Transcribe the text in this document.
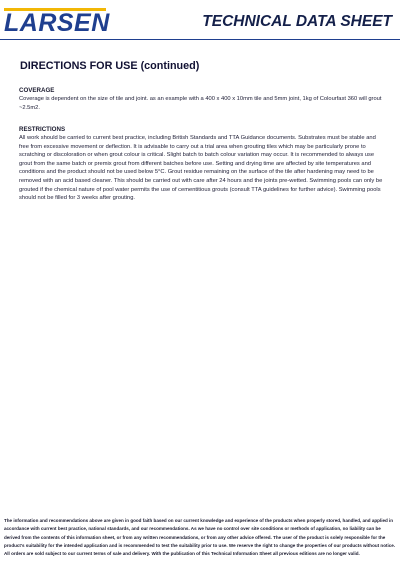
LARSEN	TECHNICAL DATA SHEET
DIRECTIONS FOR USE (continued)
COVERAGE
Coverage is dependent on the size of tile and joint. as an example with a 400 x 400 x 10mm tile and 5mm joint, 1kg of Colourfast 360 will grout ~2.5m2.
RESTRICTIONS
All work should be carried to current best practice, including British Standards and TTA Guidance documents. Substrates must be stable and free from excessive movement or deflection. It is advisable to carry out a trial area when grouting tiles which may be particularly prone to scratching or discoloration or when grout colour is critical. Slight batch to batch colour variation may occur. It is recommended to always use grout from the same batch or premix grout from different batches before use. Setting and drying time are affected by site temperatures and conditions and the product should not be used below 5°C. Grout residue remaining on the surface of the tile after hardening may need to be removed with an acid based cleaner. This should be carried out with care after 24 hours and the joints pre-wetted. Swimming pools can only be grouted if the chemical nature of pool water permits the use of cementitious grouts (consult TTA guidelines for further advice). Swimming pools should not be filled for 3 weeks after grouting.
The information and recommendations above are given in good faith based on our current knowledge and experience of the products when properly stored, handled, and applied in accordance with current best practice, national standards, and our recommendations. As we have no control over site conditions or methods of application, no liability can be derived from the contents of this information sheet, or from any written recommendations, or from any other advice offered. The user of the product is solely responsible for the product's suitability for the intended application and is recommended to test the suitability prior to use. We reserve the right to change the properties of our products without notice. All orders are sold subject to our current terms of sale and delivery. With the publication of this Technical Information Sheet all previous editions are no longer valid.
